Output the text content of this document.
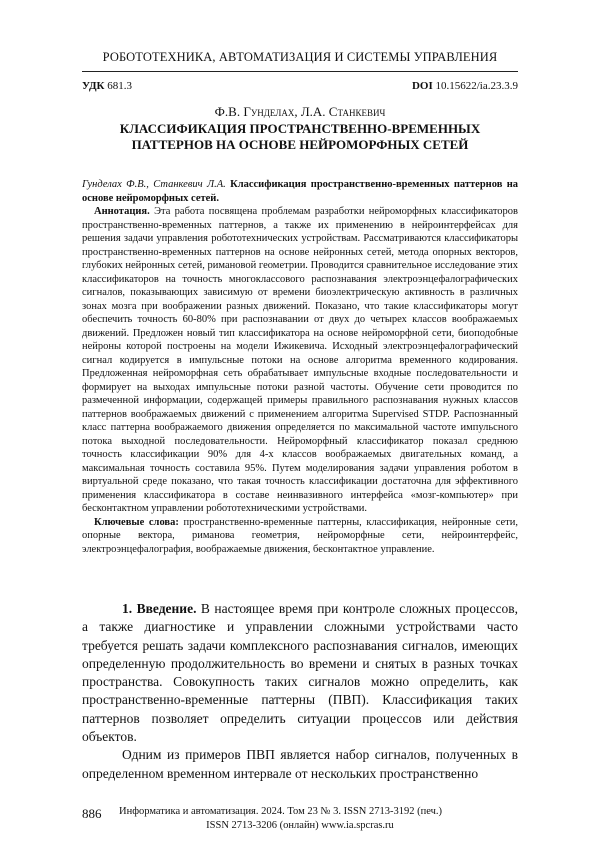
РОБОТОТЕХНИКА, АВТОМАТИЗАЦИЯ И СИСТЕМЫ УПРАВЛЕНИЯ
УДК 681.3	DOI 10.15622/ia.23.3.9
Ф.В. Гунделах, Л.А. Станкевич
КЛАССИФИКАЦИЯ ПРОСТРАНСТВЕННО-ВРЕМЕННЫХ
ПАТТЕРНОВ НА ОСНОВЕ НЕЙРОМОРФНЫХ СЕТЕЙ

Гунделах Ф.В., Станкевич Л.А. Классификация пространственно-временных паттернов на основе нейроморфных сетей.

Аннотация. Эта работа посвящена проблемам разработки нейроморфных классификаторов пространственно-временных паттернов, а также их применению в нейроинтерфейсах для решения задачи управления робототехнических устройствам. Рассматриваются классификаторы пространственно-временных паттернов на основе нейронных сетей, метода опорных векторов, глубоких нейронных сетей, римановой геометрии. Проводится сравнительное исследование этих классификаторов на точность многоклассового распознавания электроэнцефалографических сигналов, показывающих зависимую от времени биоэлектрическую активность в различных зонах мозга при воображении разных движений. Показано, что такие классификаторы могут обеспечить точность 60-80% при распознавании от двух до четырех классов воображаемых движений. Предложен новый тип классификатора на основе нейроморфной сети, биоподобные нейроны которой построены на модели Ижикевича. Исходный электроэнцефалографический сигнал кодируется в импульсные потоки на основе алгоритма временного кодирования. Предложенная нейроморфная сеть обрабатывает импульсные входные последовательности и формирует на выходах импульсные потоки разной частоты. Обучение сети проводится по размеченной информации, содержащей примеры правильного распознавания нужных классов паттернов воображаемых движений с применением алгоритма Supervised STDP. Распознанный класс паттерна воображаемого движения определяется по максимальной частоте импульсного потока выходной последовательности. Нейроморфный классификатор показал среднюю точность классификации 90% для 4-х классов воображаемых двигательных команд, а максимальная точность составила 95%. Путем моделирования задачи управления роботом в виртуальной среде показано, что такая точность классификации достаточна для эффективного применения классификатора в составе неинвазивного интерфейса «мозг-компьютер» при бесконтактном управлении робототехническими устройствами.

Ключевые слова: пространственно-временные паттерны, классификация, нейронные сети, опорные вектора, риманова геометрия, нейроморфные сети, нейроинтерфейс, электроэнцефалография, воображаемые движения, бесконтактное управление.

1. Введение. В настоящее время при контроле сложных процессов, а также диагностике и управлении сложными устройствами часто требуется решать задачи комплексного распознавания сигналов, имеющих определенную продолжительность во времени и снятых в разных точках пространства. Совокупность таких сигналов можно определить, как пространственно-временные паттерны (ПВП). Классификация таких паттернов позволяет определить ситуации процессов или действия объектов.

Одним из примеров ПВП является набор сигналов, полученных в определенном временном интервале от нескольких пространственно

886 Информатика и автоматизация. 2024. Том 23 № 3. ISSN 2713-3192 (печ.)
ISSN 2713-3206 (онлайн) www.ia.spcras.ru
